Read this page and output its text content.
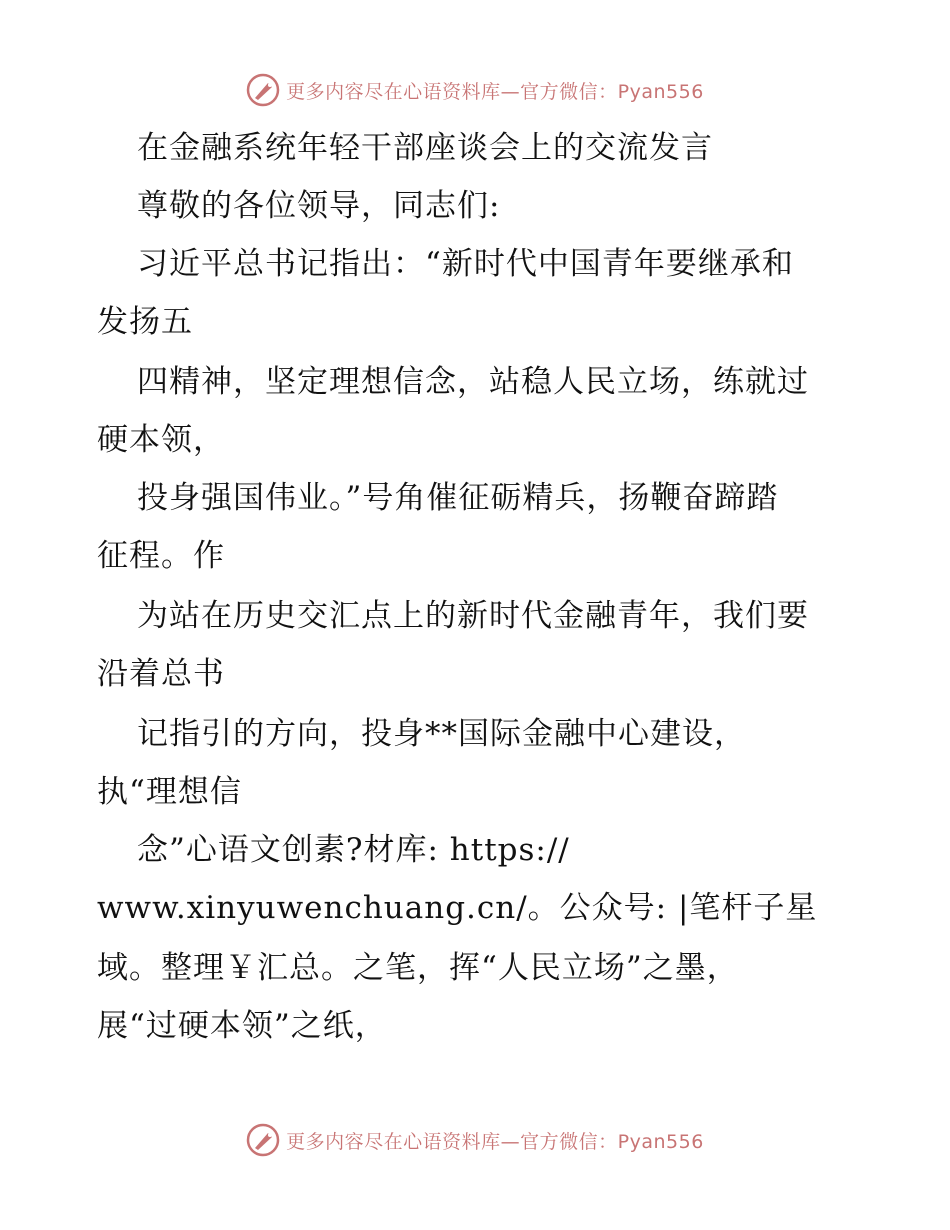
更多内容尽在心语资料库—官方微信：Pyan556
在金融系统年轻干部座谈会上的交流发言
尊敬的各位领导，同志们:
习近平总书记指出：“新时代中国青年要继承和
发扬五
四精神，坚定理想信念，站稳人民立场，练就过
硬本领，
投身强国伟业。”号角催征砺精兵，扬鞭奋蹄踏
征程。作
为站在历史交汇点上的新时代金融青年，我们要
沿着总书
记指引的方向，投身**国际金融中心建设，
执“理想信
念”心语文创素?材库: https://
www.xinyuwenchuang.cn/。公众号: |笔杆子星
域。整理￥汇总。之笔，挥“人民立场”之墨，
展“过硬本领”之纸，
更多内容尽在心语资料库—官方微信：Pyan556
